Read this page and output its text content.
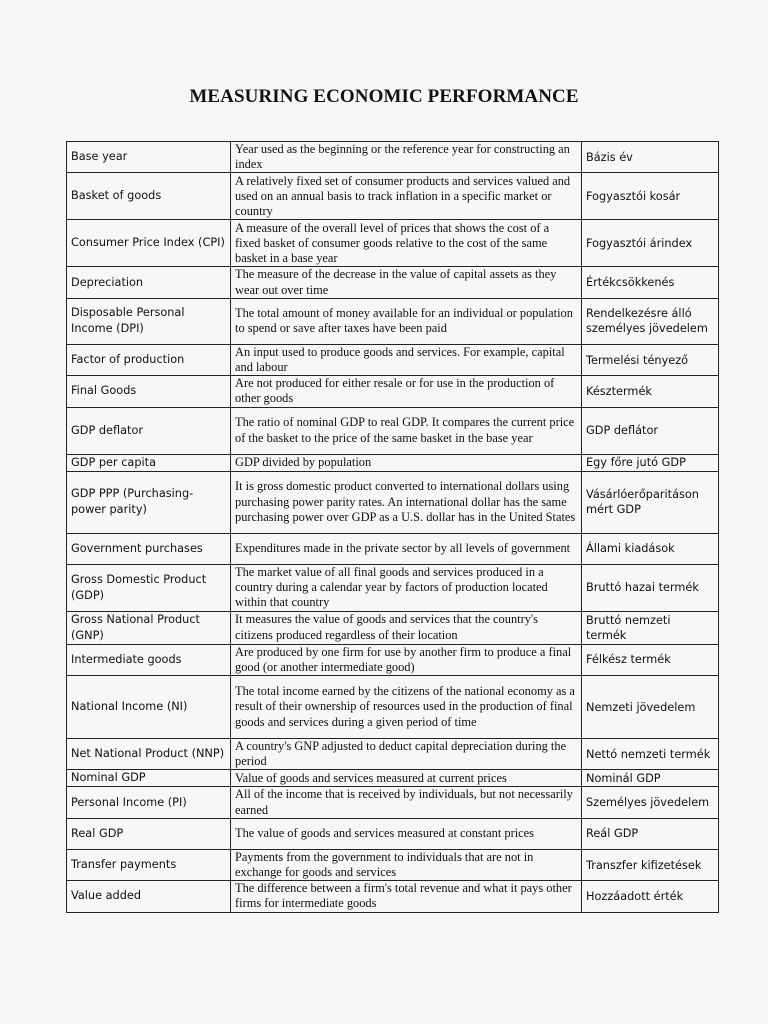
MEASURING ECONOMIC PERFORMANCE
Base year	Year used as the beginning or the reference year for constructing an index	Bázis év
Basket of goods	A relatively fixed set of consumer products and services valued and used on an annual basis to track inflation in a specific market or country	Fogyasztói kosár
Consumer Price Index (CPI)	A measure of the overall level of prices that shows the cost of a fixed basket of consumer goods relative to the cost of the same basket in a base year	Fogyasztói árindex
Depreciation	The measure of the decrease in the value of capital assets as they wear out over time	Értékcsökkenés
Disposable Personal Income (DPI)	The total amount of money available for an individual or population to spend or save after taxes have been paid	Rendelkezésre álló személyes jövedelem
Factor of production	An input used to produce goods and services. For example, capital and labour	Termelési tényező
Final Goods	Are not produced for either resale or for use in the production of other goods	Késztermék
GDP deflator	The ratio of nominal GDP to real GDP. It compares the current price of the basket to the price of the same basket in the base year	GDP deflátor
GDP per capita	GDP divided by population	Egy főre jutó GDP
GDP PPP (Purchasing-power parity)	It is gross domestic product converted to international dollars using purchasing power parity rates. An international dollar has the same purchasing power over GDP as a U.S. dollar has in the United States	Vásárlóerőparitáson mért GDP
Government purchases	Expenditures made in the private sector by all levels of government	Állami kiadások
Gross Domestic Product (GDP)	The market value of all final goods and services produced in a country during a calendar year by factors of production located within that country	Bruttó hazai termék
Gross National Product (GNP)	It measures the value of goods and services that the country's citizens produced regardless of their location	Bruttó nemzeti termék
Intermediate goods	Are produced by one firm for use by another firm to produce a final good (or another intermediate good)	Félkész termék
National Income (NI)	The total income earned by the citizens of the national economy as a result of their ownership of resources used in the production of final goods and services during a given period of time	Nemzeti jövedelem
Net National Product (NNP)	A country's GNP adjusted to deduct capital depreciation during the period	Nettó nemzeti termék
Nominal GDP	Value of goods and services measured at current prices	Nominál GDP
Personal Income (PI)	All of the income that is received by individuals, but not necessarily earned	Személyes jövedelem
Real GDP	The value of goods and services measured at constant prices	Reál GDP
Transfer payments	Payments from the government to individuals that are not in exchange for goods and services	Transzfer kifizetések
Value added	The difference between a firm's total revenue and what it pays other firms for intermediate goods	Hozzáadott érték
